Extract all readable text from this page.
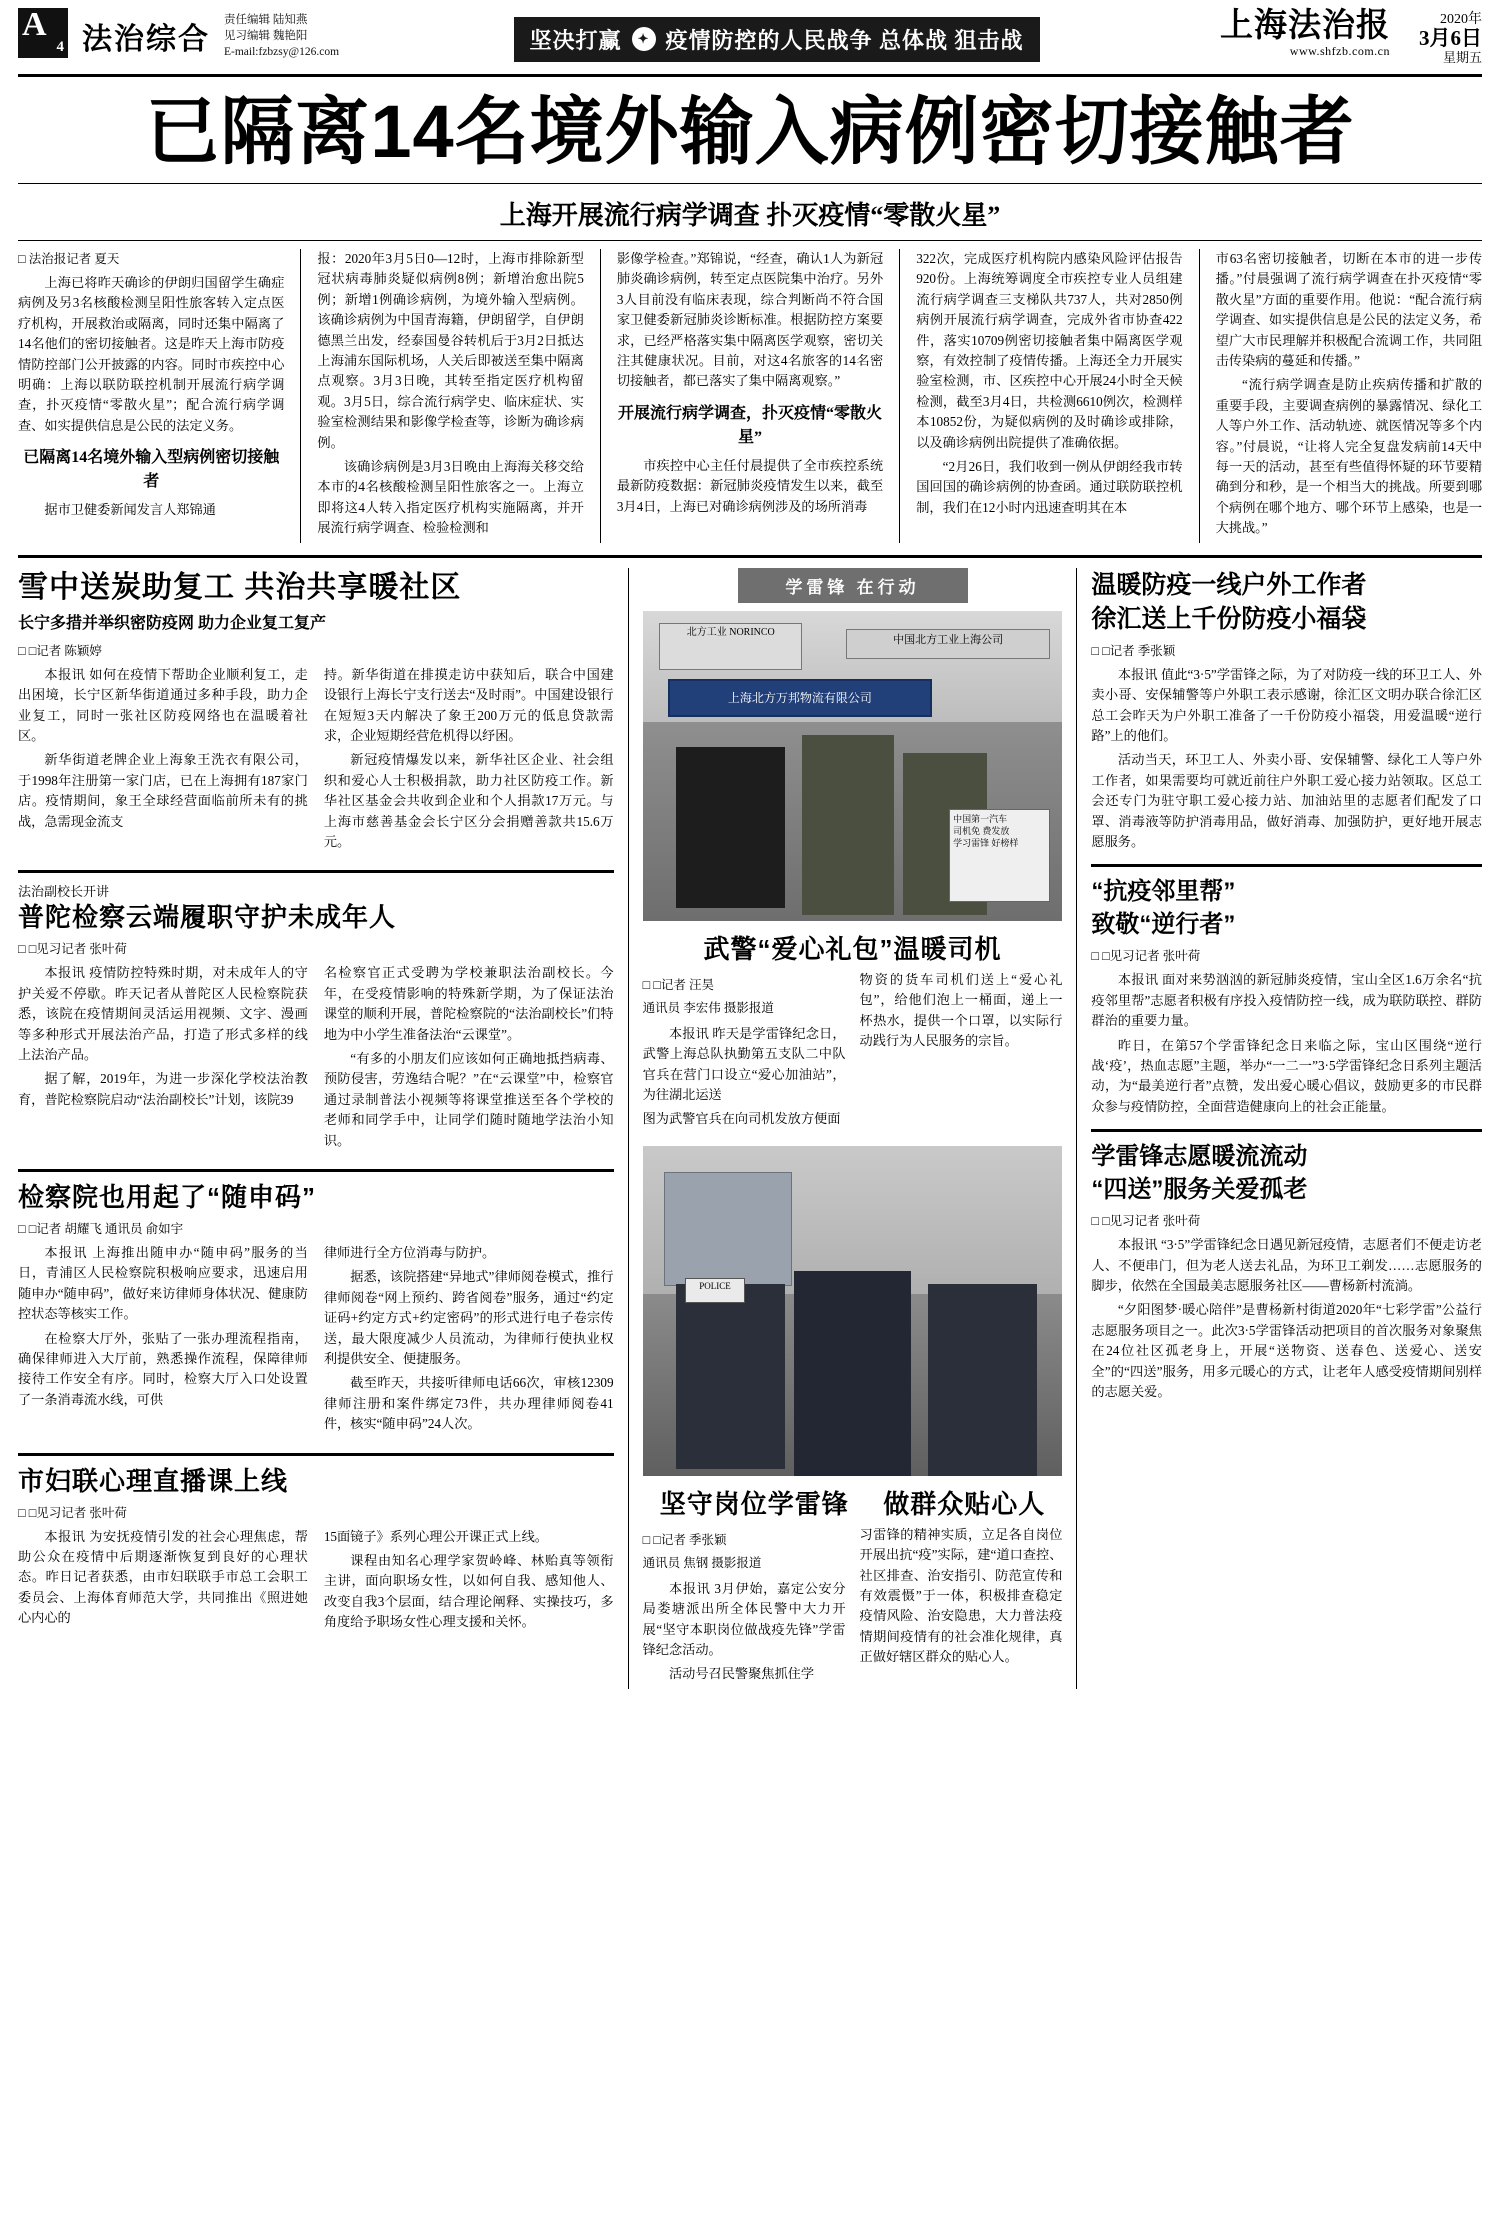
A
4 法治综合
责任编辑 陆知燕
见习编辑 魏艳阳
E-mail:fzbzsy@126.com	坚决打赢	✦ 疫情防控的人民战争 总体战 狙击战	上海法治报
www.shfzb.com.cn
2020年
3月6日
星期五
已隔离14名境外输入病例密切接触者
上海开展流行病学调查 扑灭疫情“零散火星”
□ 法治报记者 夏天

上海已将昨天确诊的伊朗归国留学生确症病例及另3名核酸检测呈阳性旅客转入定点医疗机构，开展救治或隔离，同时还集中隔离了14名他们的密切接触者。这是昨天上海市防疫情防控部门公开披露的内容。同时市疾控中心明确：上海以联防联控机制开展流行病学调查，扑灭疫情“零散火星”；配合流行病学调查、如实提供信息是公民的法定义务。

已隔离14名境外输入型病例密切接触者

据市卫健委新闻发言人郑锦通

报：2020年3月5日0—12时，上海市排除新型冠状病毒肺炎疑似病例8例；新增治愈出院5例；新增1例确诊病例，为境外输入型病例。该确诊病例为中国青海籍，伊朗留学，自伊朗德黑兰出发，经泰国曼谷转机后于3月2日抵达上海浦东国际机场，人关后即被送至集中隔离点观察。3月3日晚，其转至指定医疗机构留观。3月5日，综合流行病学史、临床症状、实验室检测结果和影像学检查等，诊断为确诊病例。

该确诊病例是3月3日晚由上海海关移交给本市的4名核酸检测呈阳性旅客之一。上海立即将这4人转入指定医疗机构实施隔离，并开展流行病学调查、检验检测和

影像学检查。”郑锦说，“经查，确认1人为新冠肺炎确诊病例，转至定点医院集中治疗。另外3人目前没有临床表现，综合判断尚不符合国家卫健委新冠肺炎诊断标准。根据防控方案要求，已经严格落实集中隔离医学观察，密切关注其健康状况。目前，对这4名旅客的14名密切接触者，都已落实了集中隔离观察。”

开展流行病学调查，扑灭疫情“零散火星”

市疾控中心主任付晨提供了全市疾控系统最新防疫数据：新冠肺炎疫情发生以来，截至3月4日，上海已对确诊病例涉及的场所消毒

322次，完成医疗机构院内感染风险评估报告920份。上海统筹调度全市疾控专业人员组建流行病学调查三支梯队共737人，共对2850例病例开展流行病学调查，完成外省市协查422件，落实10709例密切接触者集中隔离医学观察，有效控制了疫情传播。上海还全力开展实验室检测，市、区疾控中心开展24小时全天候检测，截至3月4日，共检测6610例次，检测样本10852份，为疑似病例的及时确诊或排除，以及确诊病例出院提供了准确依据。

“2月26日，我们收到一例从伊朗经我市转国回国的确诊病例的协查函。通过联防联控机制，我们在12小时内迅速查明其在本

市63名密切接触者，切断在本市的进一步传播。”付晨强调了流行病学调查在扑灭疫情“零散火星”方面的重要作用。他说：“配合流行病学调查、如实提供信息是公民的法定义务，希望广大市民理解并积极配合流调工作，共同阻击传染病的蔓延和传播。”

“流行病学调查是防止疾病传播和扩散的重要手段，主要调查病例的暴露情况、绿化工人等户外工作、活动轨迹、就医情况等多个内容。”付晨说，“让将人完全复盘发病前14天中每一天的活动，甚至有些值得怀疑的环节要精确到分和秒，是一个相当大的挑战。所要到哪个病例在哪个地方、哪个环节上感染，也是一大挑战。”

雪中送炭助复工 共治共享暖社区
长宁多措并举织密防疫网 助力企业复工复产
□ □记者 陈颖婷

本报讯 如何在疫情下帮助企业顺利复工，走出困境，长宁区新华街道通过多种手段，助力企业复工，同时一张社区防疫网络也在温暖着社区。

新华街道老牌企业上海象王洗衣有限公司，于1998年注册第一家门店，已在上海拥有187家门店。疫情期间，象王全球经营面临前所未有的挑战，急需现金流支

持。新华街道在排摸走访中获知后，联合中国建设银行上海长宁支行送去“及时雨”。中国建设银行在短短3天内解决了象王200万元的低息贷款需求，企业短期经营危机得以纾困。

新冠疫情爆发以来，新华社区企业、社会组织和爱心人士积极捐款，助力社区防疫工作。新华社区基金会共收到企业和个人捐款17万元。与上海市慈善基金会长宁区分会捐赠善款共15.6万元。

法治副校长开讲
普陀检察云端履职守护未成年人
□ □见习记者 张叶荷

本报讯 疫情防控特殊时期，对未成年人的守护关爱不停歇。昨天记者从普陀区人民检察院获悉，该院在疫情期间灵活运用视频、文字、漫画等多种形式开展法治产品，打造了形式多样的线上法治产品。

据了解，2019年，为进一步深化学校法治教育，普陀检察院启动“法治副校长”计划，该院39

名检察官正式受聘为学校兼职法治副校长。今年，在受疫情影响的特殊新学期，为了保证法治课堂的顺利开展，普陀检察院的“法治副校长”们特地为中小学生准备法治“云课堂”。

“有多的小朋友们应该如何正确地抵挡病毒、预防侵害，劳逸结合呢？”在“云课堂”中，检察官通过录制普法小视频等将课堂推送至各个学校的老师和同学手中，让同学们随时随地学法治小知识。

检察院也用起了“随申码”
□ □记者 胡耀飞 通讯员 俞如宇

本报讯 上海推出随申办“随申码”服务的当日，青浦区人民检察院积极响应要求，迅速启用随申办“随申码”，做好来访律师身体状况、健康防控状态等核实工作。

在检察大厅外，张贴了一张办理流程指南，确保律师进入大厅前，熟悉操作流程，保障律师接待工作安全有序。同时，检察大厅入口处设置了一条消毒流水线，可供

律师进行全方位消毒与防护。

据悉，该院搭建“异地式”律师阅卷模式，推行律师阅卷“网上预约、跨省阅卷”服务，通过“约定证码+约定方式+约定密码”的形式进行电子卷宗传送，最大限度减少人员流动，为律师行使执业权利提供安全、便捷服务。

截至昨天，共接听律师电话66次，审核12309律师注册和案件绑定73件，共办理律师阅卷41件，核实“随申码”24人次。

市妇联心理直播课上线
□ □见习记者 张叶荷

本报讯 为安抚疫情引发的社会心理焦虑，帮助公众在疫情中后期逐渐恢复到良好的心理状态。昨日记者获悉，由市妇联联手市总工会职工委员会、上海体育师范大学，共同推出《照进她心内心的

15面镜子》系列心理公开课正式上线。

课程由知名心理学家贺岭峰、林贻真等领衔主讲，面向职场女性，以如何自我、感知他人、改变自我3个层面，结合理论阐释、实操技巧，多角度给予职场女性心理支援和关怀。

学雷锋 在行动
北方工业 NORINCO
中国北方工业上海公司
上海北方万邦物流有限公司
中国第一汽车
司机免 费发放
学习雷锋 好榜样
武警“爱心礼包”温暖司机
□ □记者 汪昊
通讯员 李宏伟 摄影报道

本报讯 昨天是学雷锋纪念日，武警上海总队执勤第五支队二中队官兵在营门口设立“爱心加油站”，为往湖北运送

图为武警官兵在向司机发放方便面

物资的货车司机们送上“爱心礼包”，给他们泡上一桶面，递上一杯热水，提供一个口罩，以实际行动践行为人民服务的宗旨。

POLICE
坚守岗位学雷锋 做群众贴心人
□ □记者 季张颖
通讯员 焦钢 摄影报道

本报讯 3月伊始，嘉定公安分局娄塘派出所全体民警中大力开展“坚守本职岗位做战疫先锋”学雷锋纪念活动。

活动号召民警聚焦抓住学

习雷锋的精神实质，立足各自岗位开展出抗“疫”实际，建“道口查控、社区排查、治安指引、防范宣传和有效震慑”于一体，积极排查稳定疫情风险、治安隐患，大力普法疫情期间疫情有的社会准化规律，真正做好辖区群众的贴心人。

温暖防疫一线户外工作者
徐汇送上千份防疫小福袋
□ □记者 季张颖

本报讯 值此“3·5”学雷锋之际，为了对防疫一线的环卫工人、外卖小哥、安保辅警等户外职工表示感谢，徐汇区文明办联合徐汇区总工会昨天为户外职工准备了一千份防疫小福袋，用爱温暖“逆行路”上的他们。

活动当天，环卫工人、外卖小哥、安保辅警、绿化工人等户外工作者，如果需要均可就近前往户外职工爱心接力站领取。区总工会还专门为驻守职工爱心接力站、加油站里的志愿者们配发了口罩、消毒液等防护消毒用品，做好消毒、加强防护，更好地开展志愿服务。

“抗疫邻里帮”
致敬“逆行者”
□ □见习记者 张叶荷

本报讯 面对来势汹汹的新冠肺炎疫情，宝山全区1.6万余名“抗疫邻里帮”志愿者积极有序投入疫情防控一线，成为联防联控、群防群治的重要力量。

昨日，在第57个学雷锋纪念日来临之际，宝山区围绕“逆行战‘疫’，热血志愿”主题，举办“一二一”3·5学雷锋纪念日系列主题活动，为“最美逆行者”点赞，发出爱心暖心倡议，鼓励更多的市民群众参与疫情防控，全面营造健康向上的社会正能量。

学雷锋志愿暖流流动
“四送”服务关爱孤老
□ □见习记者 张叶荷

本报讯 “3·5”学雷锋纪念日遇见新冠疫情，志愿者们不便走访老人、不便串门，但为老人送去礼品，为环卫工剃发……志愿服务的脚步，依然在全国最美志愿服务社区——曹杨新村流淌。

“夕阳图梦·暖心陪伴”是曹杨新村街道2020年“七彩学雷”公益行志愿服务项目之一。此次3·5学雷锋活动把项目的首次服务对象聚焦在24位社区孤老身上，开展“送物资、送春色、送爱心、送安全”的“四送”服务，用多元暖心的方式，让老年人感受疫情期间别样的志愿关爱。
